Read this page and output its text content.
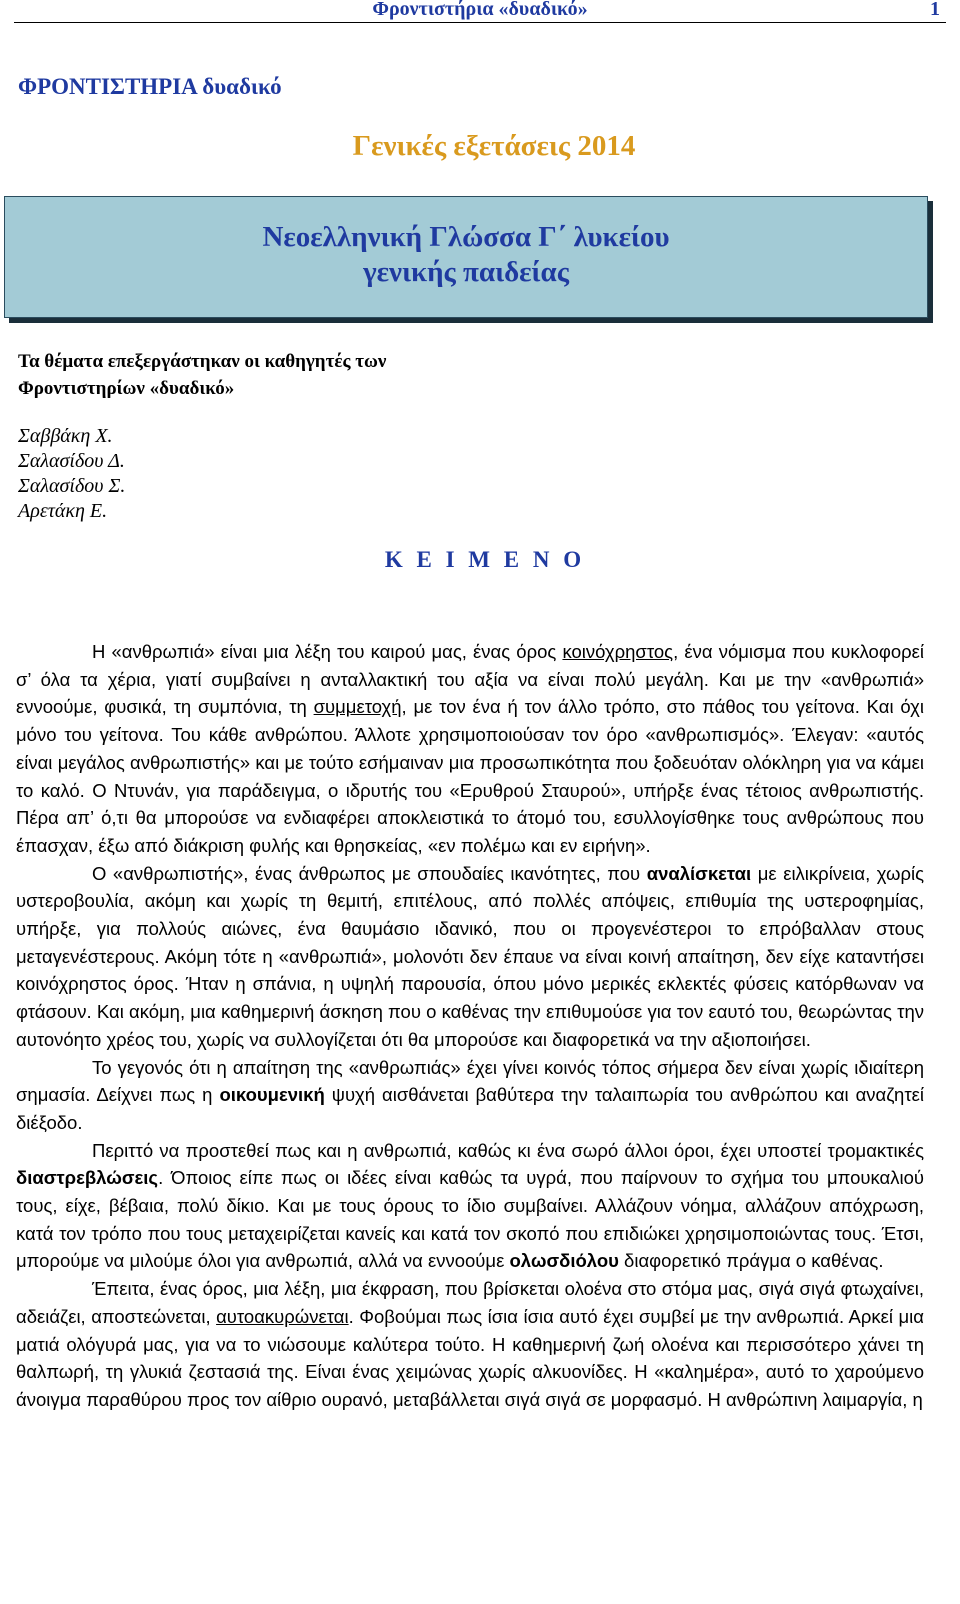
Φροντιστήρια «δυαδικό»	1
ΦΡΟΝΤΙΣΤΗΡΙΑ δυαδικό
Γενικές εξετάσεις 2014
Νεοελληνική Γλώσσα Γ΄ λυκείου
γενικής παιδείας
Τα θέματα επεξεργάστηκαν οι καθηγητές των
Φροντιστηρίων «δυαδικό»
Σαββάκη Χ.
Σαλασίδου Δ.
Σαλασίδου Σ.
Αρετάκη Ε.
Κ Ε Ι Μ Ε Ν Ο

Η «ανθρωπιά» είναι μια λέξη του καιρού μας, ένας όρος κοινόχρηστος, ένα νόμισμα που κυκλοφορεί σ’ όλα τα χέρια, γιατί συμβαίνει η ανταλλακτική του αξία να είναι πολύ μεγάλη. Και με την «ανθρωπιά» εννοούμε, φυσικά, τη συμπόνια, τη συμμετοχή, με τον ένα ή τον άλλο τρόπο, στο πάθος του γείτονα. Και όχι μόνο του γείτονα. Του κάθε ανθρώπου. Άλλοτε χρησιμοποιούσαν τον όρο «ανθρωπισμός». Έλεγαν: «αυτός είναι μεγάλος ανθρωπιστής» και με τούτο εσήμαιναν μια προσωπικότητα που ξοδευόταν ολόκληρη για να κάμει το καλό. Ο Ντυνάν, για παράδειγμα, ο ιδρυτής του «Ερυθρού Σταυρού», υπήρξε ένας τέτοιος ανθρωπιστής. Πέρα απ’ ό,τι θα μπορούσε να ενδιαφέρει αποκλειστικά το άτομό του, εσυλλογίσθηκε τους ανθρώπους που έπασχαν, έξω από διάκριση φυλής και θρησκείας, «εν πολέμω και εν ειρήνη».

Ο «ανθρωπιστής», ένας άνθρωπος με σπουδαίες ικανότητες, που αναλίσκεται με ειλικρίνεια, χωρίς υστεροβουλία, ακόμη και χωρίς τη θεμιτή, επιτέλους, από πολλές απόψεις, επιθυμία της υστεροφημίας, υπήρξε, για πολλούς αιώνες, ένα θαυμάσιο ιδανικό, που οι προγενέστεροι το επρόβαλλαν στους μεταγενέστερους. Ακόμη τότε η «ανθρωπιά», μολονότι δεν έπαυε να είναι κοινή απαίτηση, δεν είχε καταντήσει κοινόχρηστος όρος. Ήταν η σπάνια, η υψηλή παρουσία, όπου μόνο μερικές εκλεκτές φύσεις κατόρθωναν να φτάσουν. Και ακόμη, μια καθημερινή άσκηση που ο καθένας την επιθυμούσε για τον εαυτό του, θεωρώντας την αυτονόητο χρέος του, χωρίς να συλλογίζεται ότι θα μπορούσε και διαφορετικά να την αξιοποιήσει.

Το γεγονός ότι η απαίτηση της «ανθρωπιάς» έχει γίνει κοινός τόπος σήμερα δεν είναι χωρίς ιδιαίτερη σημασία. Δείχνει πως η οικουμενική ψυχή αισθάνεται βαθύτερα την ταλαιπωρία του ανθρώπου και αναζητεί διέξοδο.

Περιττό να προστεθεί πως και η ανθρωπιά, καθώς κι ένα σωρό άλλοι όροι, έχει υποστεί τρομακτικές διαστρεβλώσεις. Όποιος είπε πως οι ιδέες είναι καθώς τα υγρά, που παίρνουν το σχήμα του μπουκαλιού τους, είχε, βέβαια, πολύ δίκιο. Και με τους όρους το ίδιο συμβαίνει. Αλλάζουν νόημα, αλλάζουν απόχρωση, κατά τον τρόπο που τους μεταχειρίζεται κανείς και κατά τον σκοπό που επιδιώκει χρησιμοποιώντας τους. Έτσι, μπορούμε να μιλούμε όλοι για ανθρωπιά, αλλά να εννοούμε ολωσδιόλου διαφορετικό πράγμα ο καθένας.

Έπειτα, ένας όρος, μια λέξη, μια έκφραση, που βρίσκεται ολοένα στο στόμα μας, σιγά σιγά φτωχαίνει, αδειάζει, αποστεώνεται, αυτοακυρώνεται. Φοβούμαι πως ίσια ίσια αυτό έχει συμβεί με την ανθρωπιά. Αρκεί μια ματιά ολόγυρά μας, για να το νιώσουμε καλύτερα τούτο. Η καθημερινή ζωή ολοένα και περισσότερο χάνει τη θαλπωρή, τη γλυκιά ζεστασιά της. Είναι ένας χειμώνας χωρίς αλκυονίδες. Η «καλημέρα», αυτό το χαρούμενο άνοιγμα παραθύρου προς τον αίθριο ουρανό, μεταβάλλεται σιγά σιγά σε μορφασμό. Η ανθρώπινη λαιμαργία, η
